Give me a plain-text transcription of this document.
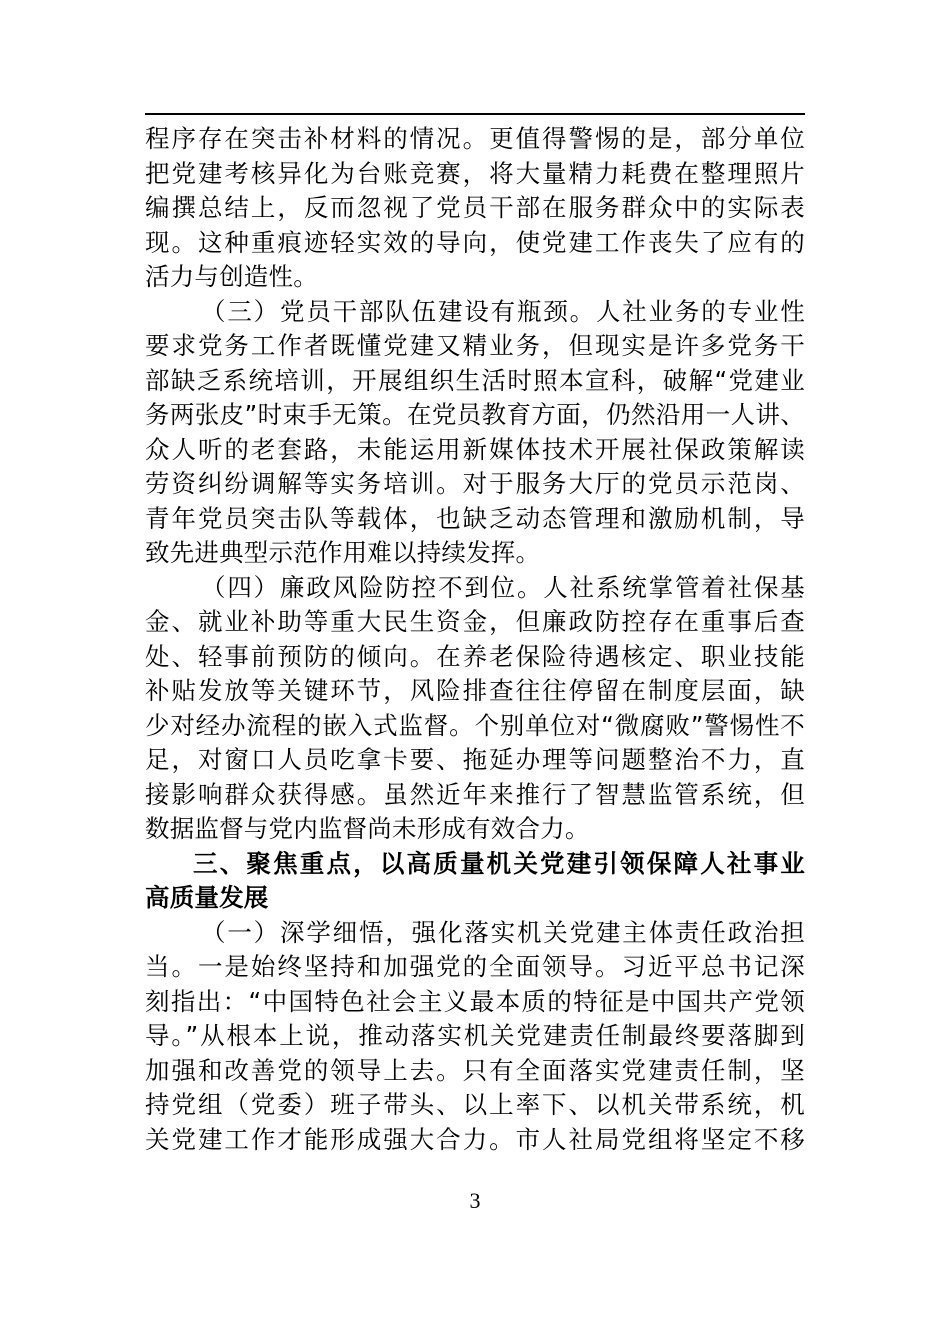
程序存在突击补材料的情况。更值得警惕的是，部分单位
把党建考核异化为台账竞赛，将大量精力耗费在整理照片
编撰总结上，反而忽视了党员干部在服务群众中的实际表
现。这种重痕迹轻实效的导向，使党建工作丧失了应有的
活力与创造性。
（三）党员干部队伍建设有瓶颈。人社业务的专业性
要求党务工作者既懂党建又精业务，但现实是许多党务干
部缺乏系统培训，开展组织生活时照本宣科，破解“党建业
务两张皮”时束手无策。在党员教育方面，仍然沿用一人讲、
众人听的老套路，未能运用新媒体技术开展社保政策解读
劳资纠纷调解等实务培训。对于服务大厅的党员示范岗、
青年党员突击队等载体，也缺乏动态管理和激励机制，导
致先进典型示范作用难以持续发挥。
（四）廉政风险防控不到位。人社系统掌管着社保基
金、就业补助等重大民生资金，但廉政防控存在重事后查
处、轻事前预防的倾向。在养老保险待遇核定、职业技能
补贴发放等关键环节，风险排查往往停留在制度层面，缺
少对经办流程的嵌入式监督。个别单位对“微腐败”警惕性不
足，对窗口人员吃拿卡要、拖延办理等问题整治不力，直
接影响群众获得感。虽然近年来推行了智慧监管系统，但
数据监督与党内监督尚未形成有效合力。
三、聚焦重点，以高质量机关党建引领保障人社事业
高质量发展
（一）深学细悟，强化落实机关党建主体责任政治担
当。一是始终坚持和加强党的全面领导。习近平总书记深
刻指出：“中国特色社会主义最本质的特征是中国共产党领
导。”从根本上说，推动落实机关党建责任制最终要落脚到
加强和改善党的领导上去。只有全面落实党建责任制，坚
持党组（党委）班子带头、以上率下、以机关带系统，机
关党建工作才能形成强大合力。市人社局党组将坚定不移
3
